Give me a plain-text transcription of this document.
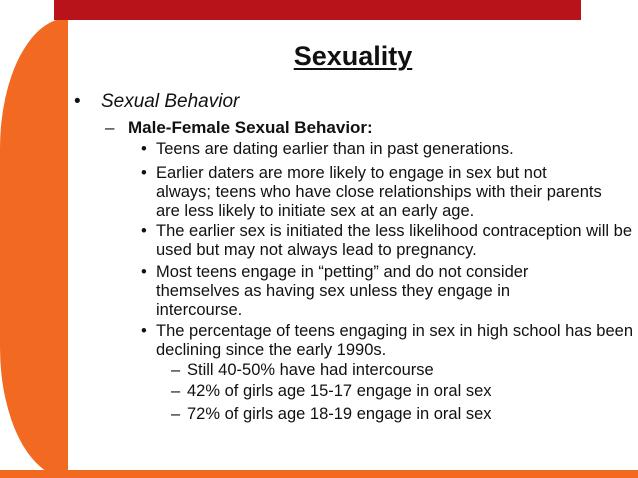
Sexuality
• Sexual Behavior
– Male-Female Sexual Behavior:
• Teens are dating earlier than in past generations.
• Earlier daters are more likely to engage in sex but not always; teens who have close relationships with their parents are less likely to initiate sex at an early age.
• The earlier sex is initiated the less likelihood contraception will be used but may not always lead to pregnancy.
• Most teens engage in “petting” and do not consider themselves as having sex unless they engage in intercourse.
• The percentage of teens engaging in sex in high school has been declining since the early 1990s.
– Still 40-50% have had intercourse
– 42% of girls age 15-17 engage in oral sex
– 72% of girls age 18-19 engage in oral sex
